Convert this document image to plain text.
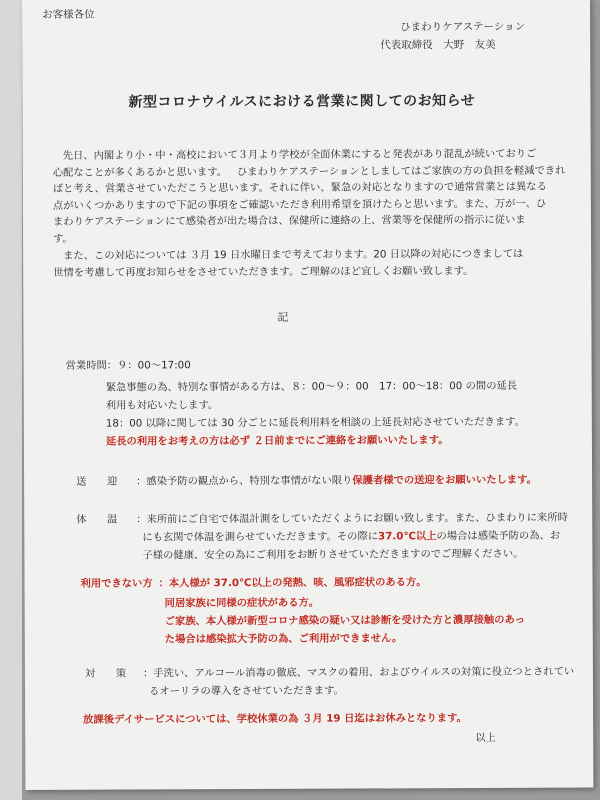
お客様各位
ひまわりケアステーション
代表取締役　大野　友美
新型コロナウイルスにおける営業に関してのお知らせ
先日、内閣より小・中・高校において３月より学校が全面休業にすると発表があり混乱が続いておりご
心配なことが多くあるかと思います。 ひまわりケアステーションとしましてはご家族の方の負担を軽減できれ
ばと考え、営業させていただこうと思います。それに伴い、緊急の対応となりますので通常営業とは異なる
点がいくつかありますので下記の事項をご確認いただき利用希望を頂けたらと思います。また、万が一、ひ
まわりケアステーションにて感染者が出た場合は、保健所に連絡の上、営業等を保健所の指示に従いま
す。
また、この対応については ３月 19 日水曜日まで考えております。20 日以降の対応につきましては
世情を考慮して再度お知らせをさせていただきます。ご理解のほど宜しくお願い致します。
記
営業時間：９：00〜17:00
緊急事態の為、特別な事情がある方は、８：00〜９：00　17：00〜18：00 の間の延長
利用も対応いたします。
18：00 以降に関しては 30 分ごとに延長利用料を相談の上延長対応させていただきます。
延長の利用をお考えの方は必ず ２日前までにご連絡をお願いいたします。
送　　迎 ：感染予防の観点から、特別な事情がない限り保護者様での送迎をお願いいたします。
体　　温 ：来所前にご自宅で体温計測をしていただくようにお願い致します。また、ひまわりに来所時
にも玄関で体温を測らせていただきます。その際に37.0℃以上の場合は感染予防の為、お
子様の健康、安全の為にご利用をお断りさせていただきますのでご理解ください。
利用できない方 ：本人様が 37.0℃以上の発熱、咳、風邪症状のある方。
同居家族に同様の症状がある方。
ご家族、本人様が新型コロナ感染の疑い又は診断を受けた方と濃厚接触のあっ
た場合は感染拡大予防の為、ご利用ができません。
対　　策 ：手洗い、アルコール消毒の徹底、マスクの着用、およびウイルスの対策に役立つとされてい
るオーリラの導入をさせていただきます。
放課後デイサービスについては、学校休業の為 ３月 19 日迄はお休みとなります。
以上
